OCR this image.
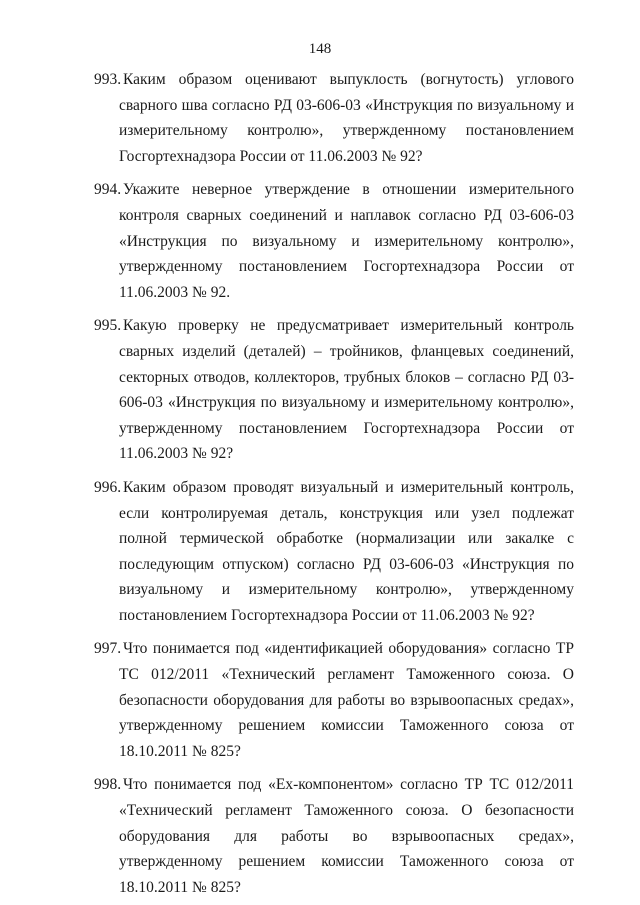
148
993. Каким образом оценивают выпуклость (вогнутость) углового сварного шва согласно РД 03-606-03 «Инструкция по визуальному и измерительному контролю», утвержденному постановлением Госгортехнадзора России от 11.06.2003 № 92?
994. Укажите неверное утверждение в отношении измерительного контроля сварных соединений и наплавок согласно РД 03-606-03 «Инструкция по визуальному и измерительному контролю», утвержденному постановлением Госгортехнадзора России от 11.06.2003 № 92.
995. Какую проверку не предусматривает измерительный контроль сварных изделий (деталей) – тройников, фланцевых соединений, секторных отводов, коллекторов, трубных блоков – согласно РД 03-606-03 «Инструкция по визуальному и измерительному контролю», утвержденному постановлением Госгортехнадзора России от 11.06.2003 № 92?
996. Каким образом проводят визуальный и измерительный контроль, если контролируемая деталь, конструкция или узел подлежат полной термической обработке (нормализации или закалке с последующим отпуском) согласно РД 03-606-03 «Инструкция по визуальному и измерительному контролю», утвержденному постановлением Госгортехнадзора России от 11.06.2003 № 92?
997. Что понимается под «идентификацией оборудования» согласно ТР ТС 012/2011 «Технический регламент Таможенного союза. О безопасности оборудования для работы во взрывоопасных средах», утвержденному решением комиссии Таможенного союза от 18.10.2011 № 825?
998. Что понимается под «Ех-компонентом» согласно ТР ТС 012/2011 «Технический регламент Таможенного союза. О безопасности оборудования для работы во взрывоопасных средах», утвержденному решением комиссии Таможенного союза от 18.10.2011 № 825?
